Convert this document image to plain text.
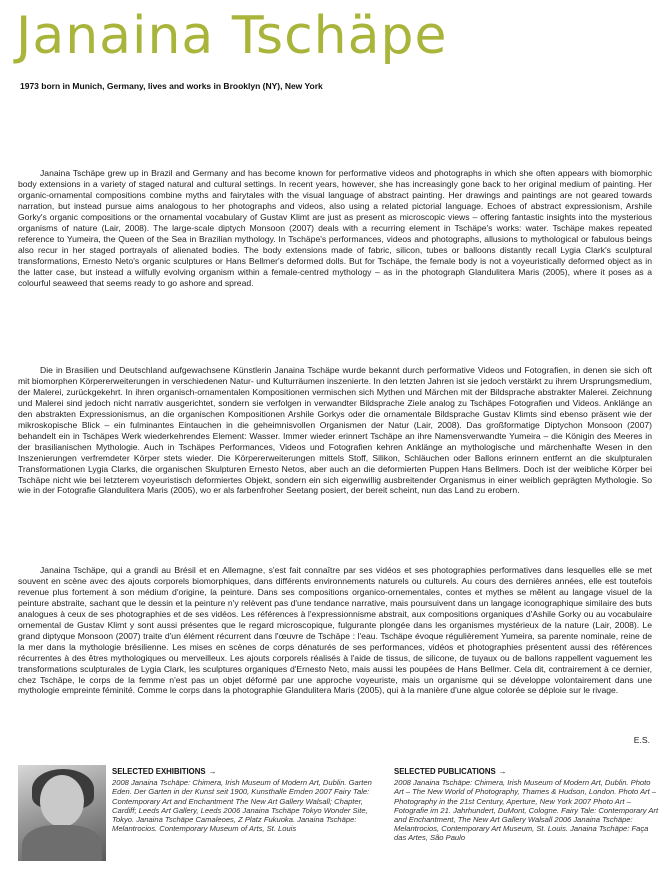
Janaina Tschäpe
1973 born in Munich, Germany, lives and works in Brooklyn (NY), New York

Janaina Tschäpe grew up in Brazil and Germany and has become known for performative videos and photographs in which she often appears with biomorphic body extensions in a variety of staged natural and cultural settings. In recent years, however, she has increasingly gone back to her original medium of painting. Her organic-ornamental compositions combine myths and fairytales with the visual language of abstract painting. Her drawings and paintings are not geared towards narration, but instead pursue aims analogous to her photographs and videos, also using a related pictorial language. Echoes of abstract expressionism, Arshile Gorky's organic compositions or the ornamental vocabulary of Gustav Klimt are just as present as microscopic views – offering fantastic insights into the mysterious organisms of nature (Lair, 2008). The large-scale diptych Monsoon (2007) deals with a recurring element in Tschäpe's works: water. Tschäpe makes repeated reference to Yumeira, the Queen of the Sea in Brazilian mythology. In Tschäpe's performances, videos and photographs, allusions to mythological or fabulous beings also recur in her staged portrayals of alienated bodies. The body extensions made of fabric, silicon, tubes or balloons distantly recall Lygia Clark's sculptural transformations, Ernesto Neto's organic sculptures or Hans Bellmer's deformed dolls. But for Tschäpe, the female body is not a voyeuristically deformed object as in the latter case, but instead a wilfully evolving organism within a female-centred mythology – as in the photograph Glandulitera Maris (2005), where it poses as a colourful seaweed that seems ready to go ashore and spread.

Die in Brasilien und Deutschland aufgewachsene Künstlerin Janaina Tschäpe wurde bekannt durch performative Videos und Fotografien, in denen sie sich oft mit biomorphen Körpererweiterungen in verschiedenen Natur- und Kulturräumen inszenierte. In den letzten Jahren ist sie jedoch verstärkt zu ihrem Ursprungsmedium, der Malerei, zurückgekehrt. In ihren organisch-ornamentalen Kompositionen vermischen sich Mythen und Märchen mit der Bildsprache abstrakter Malerei. Zeichnung und Malerei sind jedoch nicht narrativ ausgerichtet, sondern sie verfolgen in verwandter Bildsprache Ziele analog zu Tschäpes Fotografien und Videos. Anklänge an den abstrakten Expressionismus, an die organischen Kompositionen Arshile Gorkys oder die ornamentale Bildsprache Gustav Klimts sind ebenso präsent wie der mikroskopische Blick – ein fulminantes Eintauchen in die geheimnisvollen Organismen der Natur (Lair, 2008). Das großformatige Diptychon Monsoon (2007) behandelt ein in Tschäpes Werk wiederkehrendes Element: Wasser. Immer wieder erinnert Tschäpe an ihre Namensverwandte Yumeira – die Königin des Meeres in der brasilianischen Mythologie. Auch in Tschäpes Performances, Videos und Fotografien kehren Anklänge an mythologische und märchenhafte Wesen in den Inszenierungen verfremdeter Körper stets wieder. Die Körpererweiterungen mittels Stoff, Silikon, Schläuchen oder Ballons erinnern entfernt an die skulpturalen Transformationen Lygia Clarks, die organischen Skulpturen Ernesto Netos, aber auch an die deformierten Puppen Hans Bellmers. Doch ist der weibliche Körper bei Tschäpe nicht wie bei letzterem voyeuristisch deformiertes Objekt, sondern ein sich eigenwillig ausbreitender Organismus in einer weiblich geprägten Mythologie. So wie in der Fotografie Glandulitera Maris (2005), wo er als farbenfroher Seetang posiert, der bereit scheint, nun das Land zu erobern.

Janaina Tschäpe, qui a grandi au Brésil et en Allemagne, s'est fait connaître par ses vidéos et ses photographies performatives dans lesquelles elle se met souvent en scène avec des ajouts corporels biomorphiques, dans différents environnements naturels ou culturels. Au cours des dernières années, elle est toutefois revenue plus fortement à son médium d'origine, la peinture. Dans ses compositions organico-ornementales, contes et mythes se mêlent au langage visuel de la peinture abstraite, sachant que le dessin et la peinture n'y relèvent pas d'une tendance narrative, mais poursuivent dans un langage iconographique similaire des buts analogues à ceux de ses photographies et de ses vidéos. Les références à l'expressionnisme abstrait, aux compositions organiques d'Ashile Gorky ou au vocabulaire ornemental de Gustav Klimt y sont aussi présentes que le regard microscopique, fulgurante plongée dans les organismes mystérieux de la nature (Lair, 2008). Le grand diptyque Monsoon (2007) traite d'un élément récurrent dans l'œuvre de Tschäpe : l'eau. Tschäpe évoque régulièrement Yumeira, sa parente nominale, reine de la mer dans la mythologie brésilienne. Les mises en scènes de corps dénaturés de ses performances, vidéos et photographies présentent aussi des références récurrentes à des êtres mythologiques ou merveilleux. Les ajouts corporels réalisés à l'aide de tissus, de silicone, de tuyaux ou de ballons rappellent vaguement les transformations sculpturales de Lygia Clark, les sculptures organiques d'Ernesto Neto, mais aussi les poupées de Hans Bellmer. Cela dit, contrairement à ce dernier, chez Tschäpe, le corps de la femme n'est pas un objet déformé par une approche voyeuriste, mais un organisme qui se développe volontairement dans une mythologie empreinte féminité. Comme le corps dans la photographie Glandulitera Maris (2005), qui à la manière d'une algue colorée se déploie sur le rivage.

E.S.
SELECTED EXHIBITIONS →
2008 Janaina Tschäpe: Chimera, Irish Museum of Modern Art, Dublin. Garten Eden. Der Garten in der Kunst seit 1900, Kunsthalle Emden 2007 Fairy Tale: Contemporary Art and Enchantment The New Art Gallery Walsall; Chapter, Cardiff; Leeds Art Gallery, Leeds 2006 Janaina Tschäpe Tokyo Wonder Site, Tokyo. Janaina Tschäpe Camaleoes, Z Platz Fukuoka. Janaina Tschäpe: Melantrocios. Contemporary Museum of Arts, St. Louis
SELECTED PUBLICATIONS →
2008 Janaina Tschäpe: Chimera, Irish Museum of Modern Art, Dublin. Photo Art – The New World of Photography, Thames & Hudson, London. Photo Art – Photography in the 21st Century, Aperture, New York 2007 Photo Art – Fotografie im 21. Jahrhundert, DuMont, Cologne. Fairy Tale: Contemporary Art and Enchantment, The New Art Gallery Walsall 2006 Janaina Tschäpe: Melantrocios, Contemporary Art Museum, St. Louis. Janaina Tschäpe: Faça das Artes, São Paulo
